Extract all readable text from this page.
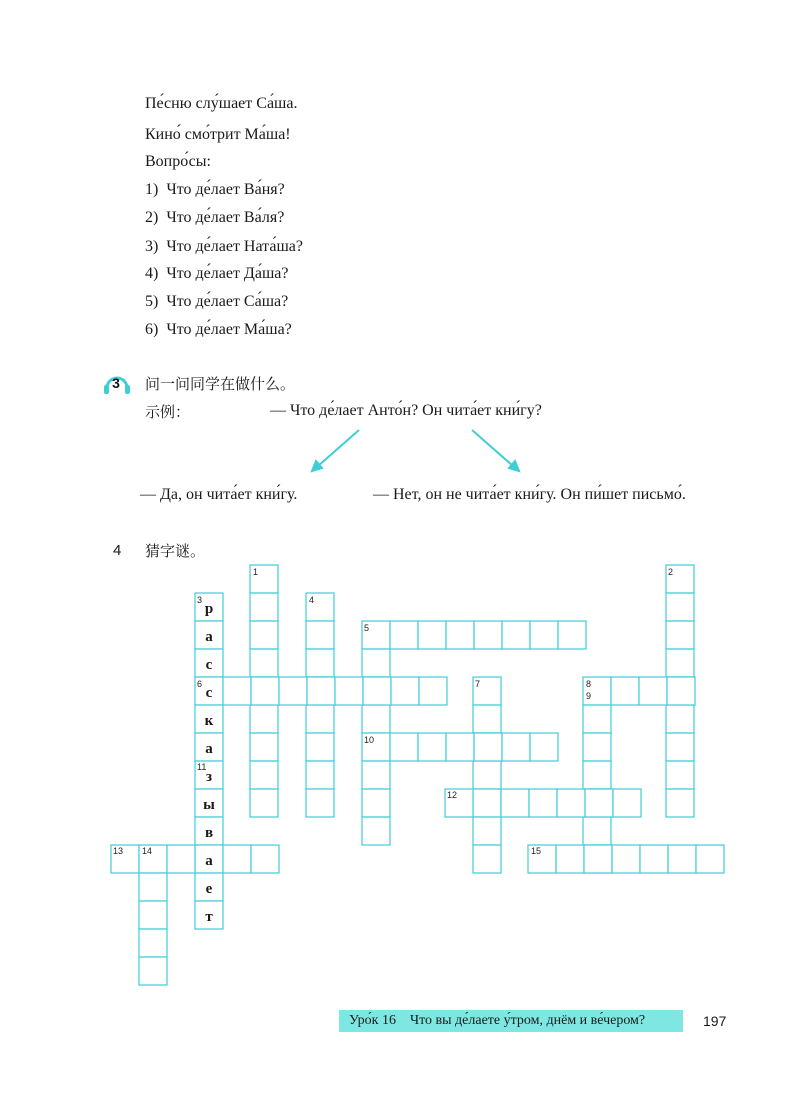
Пе́сню слу́шает Са́ша.
Кино́ смо́трит Ма́ша!
Вопро́сы:
1) Что де́лает Ва́ня?
2) Что де́лает Ва́ля?
3) Что де́лает Ната́ша?
4) Что де́лает Да́ша?
5) Что де́лает Са́ша?
6) Что де́лает Ма́ша?
3	问一问同学在做什么。
示例：	— Что де́лает Анто́н? Он чита́ет кни́гу?
— Да, он чита́ет кни́гу.	— Нет, он не чита́ет кни́гу. Он пи́шет письмо́.
4 猜字谜。
1	2
3	4
5
6	7	8
9
10
11
12
13 14	15
р
а
с
с
к
а
з
ы
в
а
е
т
Уро́к 16 Что вы де́лаете у́тром, днём и ве́чером?	197
